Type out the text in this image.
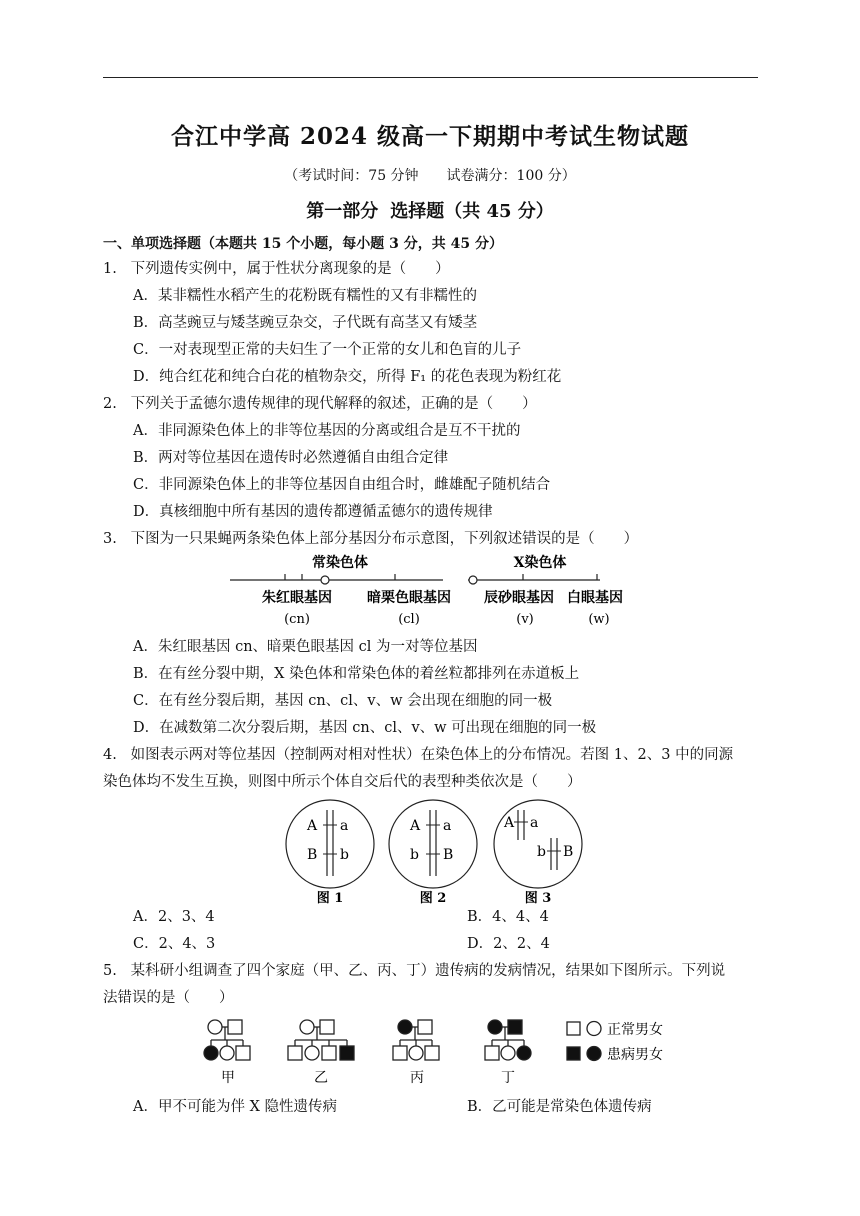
合江中学高 2024 级高一下期期中考试生物试题
（考试时间：75 分钟 试卷满分：100 分）
第一部分 选择题（共 45 分）
一、单项选择题（本题共 15 个小题，每小题 3 分，共 45 分）
1. 下列遗传实例中，属于性状分离现象的是（　　）
A．某非糯性水稻产生的花粉既有糯性的又有非糯性的
B．高茎豌豆与矮茎豌豆杂交，子代既有高茎又有矮茎
C．一对表现型正常的夫妇生了一个正常的女儿和色盲的儿子
D．纯合红花和纯合白花的植物杂交，所得 F₁ 的花色表现为粉红花
2. 下列关于孟德尔遗传规律的现代解释的叙述，正确的是（　　）
A．非同源染色体上的非等位基因的分离或组合是互不干扰的
B．两对等位基因在遗传时必然遵循自由组合定律
C．非同源染色体上的非等位基因自由组合时，雌雄配子随机结合
D．真核细胞中所有基因的遗传都遵循孟德尔的遗传规律
3. 下图为一只果蝇两条染色体上部分基因分布示意图，下列叙述错误的是（　　）
常染色体	X染色体
朱红眼基因	暗栗色眼基因 辰砂眼基因 白眼基因
(cn)	(cl)	(v)	(w)
A．朱红眼基因 cn、暗栗色眼基因 cl 为一对等位基因
B．在有丝分裂中期，X 染色体和常染色体的着丝粒都排列在赤道板上
C．在有丝分裂后期，基因 cn、cl、v、w 会出现在细胞的同一极
D．在减数第二次分裂后期，基因 cn、cl、v、w 可出现在细胞的同一极
4. 如图表示两对等位基因（控制两对相对性状）在染色体上的分布情况。若图 1、2、3 中的同源
染色体均不发生互换，则图中所示个体自交后代的表型种类依次是（　　）
A a
B b
图 1
A a
b B
图 2
A a
b B
图 3
A．2、3、4	B．4、4、4
C．2、4、3	D．2、2、4
5. 某科研小组调查了四个家庭（甲、乙、丙、丁）遗传病的发病情况，结果如下图所示。下列说
法错误的是（　　）
甲	乙	丙	丁
正常男女
患病男女
A．甲不可能为伴 X 隐性遗传病	B．乙可能是常染色体遗传病
